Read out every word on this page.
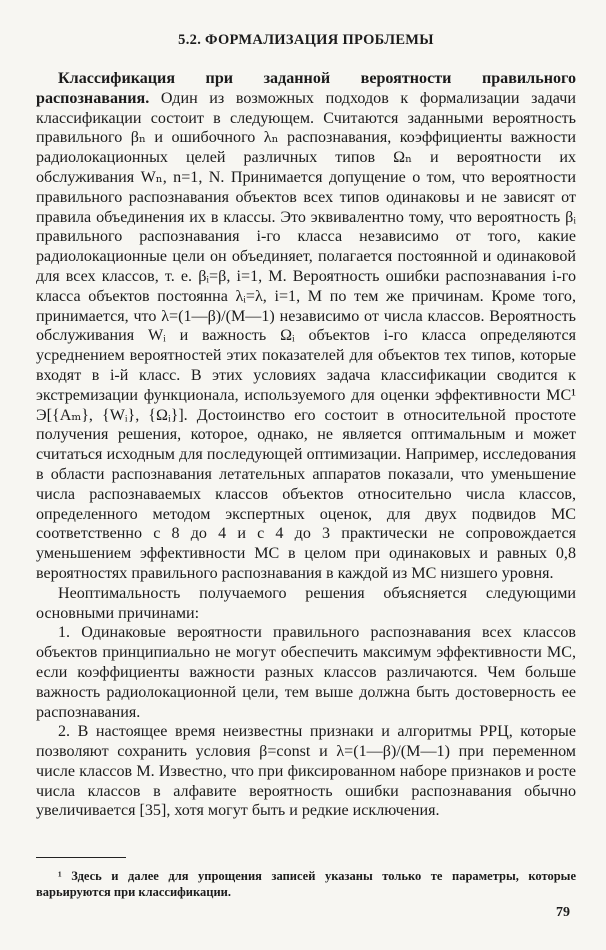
5.2. ФОРМАЛИЗАЦИЯ ПРОБЛЕМЫ

Классификация при заданной вероятности правильного распознавания. Один из возможных подходов к формализации задачи классификации состоит в следующем. Считаются заданными вероятность правильного βₙ и ошибочного λₙ распознавания, коэффициенты важности радиолокационных целей различных типов Ωₙ и вероятности их обслуживания Wₙ, n=1, N. Принимается допущение о том, что вероятности правильного распознавания объектов всех типов одинаковы и не зависят от правила объединения их в классы. Это эквивалентно тому, что вероятность βᵢ правильного распознавания i-го класса независимо от того, какие радиолокационные цели он объединяет, полагается постоянной и одинаковой для всех классов, т. е. βᵢ=β, i=1, M. Вероятность ошибки распознавания i-го класса объектов постоянна λᵢ=λ, i=1, M по тем же причинам. Кроме того, принимается, что λ=(1—β)/(M—1) независимо от числа классов. Вероятность обслуживания Wᵢ и важность Ωᵢ объектов i-го класса определяются усреднением вероятностей этих показателей для объектов тех типов, которые входят в i-й класс. В этих условиях задача классификации сводится к экстремизации функционала, используемого для оценки эффективности МС¹ Э[{Aₘ}, {Wᵢ}, {Ωᵢ}]. Достоинство его состоит в относительной простоте получения решения, которое, однако, не является оптимальным и может считаться исходным для последующей оптимизации. Например, исследования в области распознавания летательных аппаратов показали, что уменьшение числа распознаваемых классов объектов относительно числа классов, определенного методом экспертных оценок, для двух подвидов МС соответственно с 8 до 4 и с 4 до 3 практически не сопровождается уменьшением эффективности МС в целом при одинаковых и равных 0,8 вероятностях правильного распознавания в каждой из МС низшего уровня.

Неоптимальность получаемого решения объясняется следующими основными причинами:

1. Одинаковые вероятности правильного распознавания всех классов объектов принципиально не могут обеспечить максимум эффективности МС, если коэффициенты важности разных классов различаются. Чем больше важность радиолокационной цели, тем выше должна быть достоверность ее распознавания.

2. В настоящее время неизвестны признаки и алгоритмы РРЦ, которые позволяют сохранить условия β=const и λ=(1—β)/(M—1) при переменном числе классов M. Известно, что при фиксированном наборе признаков и росте числа классов в алфавите вероятность ошибки распознавания обычно увеличивается [35], хотя могут быть и редкие исключения.

¹ Здесь и далее для упрощения записей указаны только те параметры, которые варьируются при классификации.

79
